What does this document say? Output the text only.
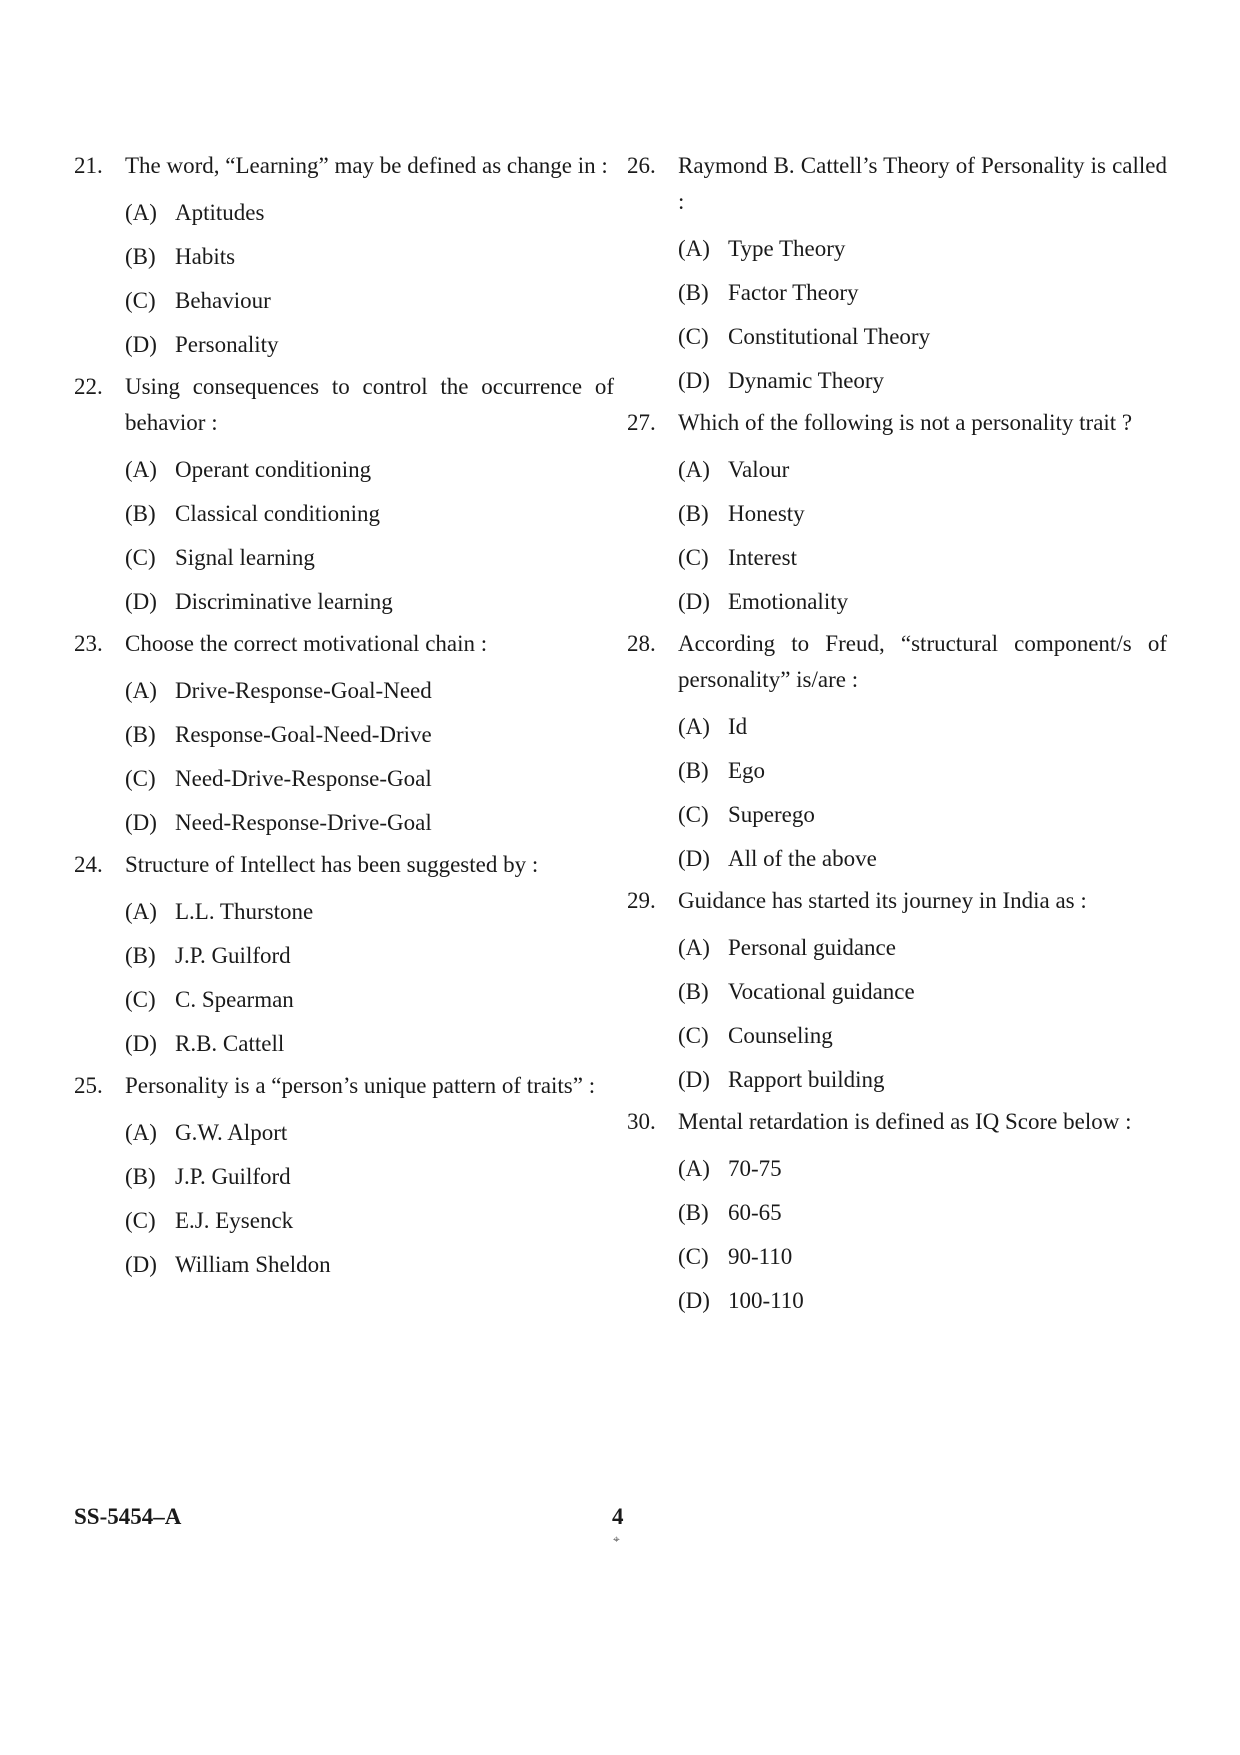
21. The word, “Learning” may be defined as change in :
(A) Aptitudes
(B) Habits
(C) Behaviour
(D) Personality
22. Using consequences to control the occurrence of behavior :
(A) Operant conditioning
(B) Classical conditioning
(C) Signal learning
(D) Discriminative learning
23. Choose the correct motivational chain :
(A) Drive-Response-Goal-Need
(B) Response-Goal-Need-Drive
(C) Need-Drive-Response-Goal
(D) Need-Response-Drive-Goal
24. Structure of Intellect has been suggested by :
(A) L.L. Thurstone
(B) J.P. Guilford
(C) C. Spearman
(D) R.B. Cattell
25. Personality is a “person’s unique pattern of traits” :
(A) G.W. Alport
(B) J.P. Guilford
(C) E.J. Eysenck
(D) William Sheldon
26. Raymond B. Cattell’s Theory of Personality is called :
(A) Type Theory
(B) Factor Theory
(C) Constitutional Theory
(D) Dynamic Theory
27. Which of the following is not a personality trait ?
(A) Valour
(B) Honesty
(C) Interest
(D) Emotionality
28. According to Freud, “structural component/s of personality” is/are :
(A) Id
(B) Ego
(C) Superego
(D) All of the above
29. Guidance has started its journey in India as :
(A) Personal guidance
(B) Vocational guidance
(C) Counseling
(D) Rapport building
30. Mental retardation is defined as IQ Score below :
(A) 70-75
(B) 60-65
(C) 90-110
(D) 100-110
SS-5454–A	4
⌖
